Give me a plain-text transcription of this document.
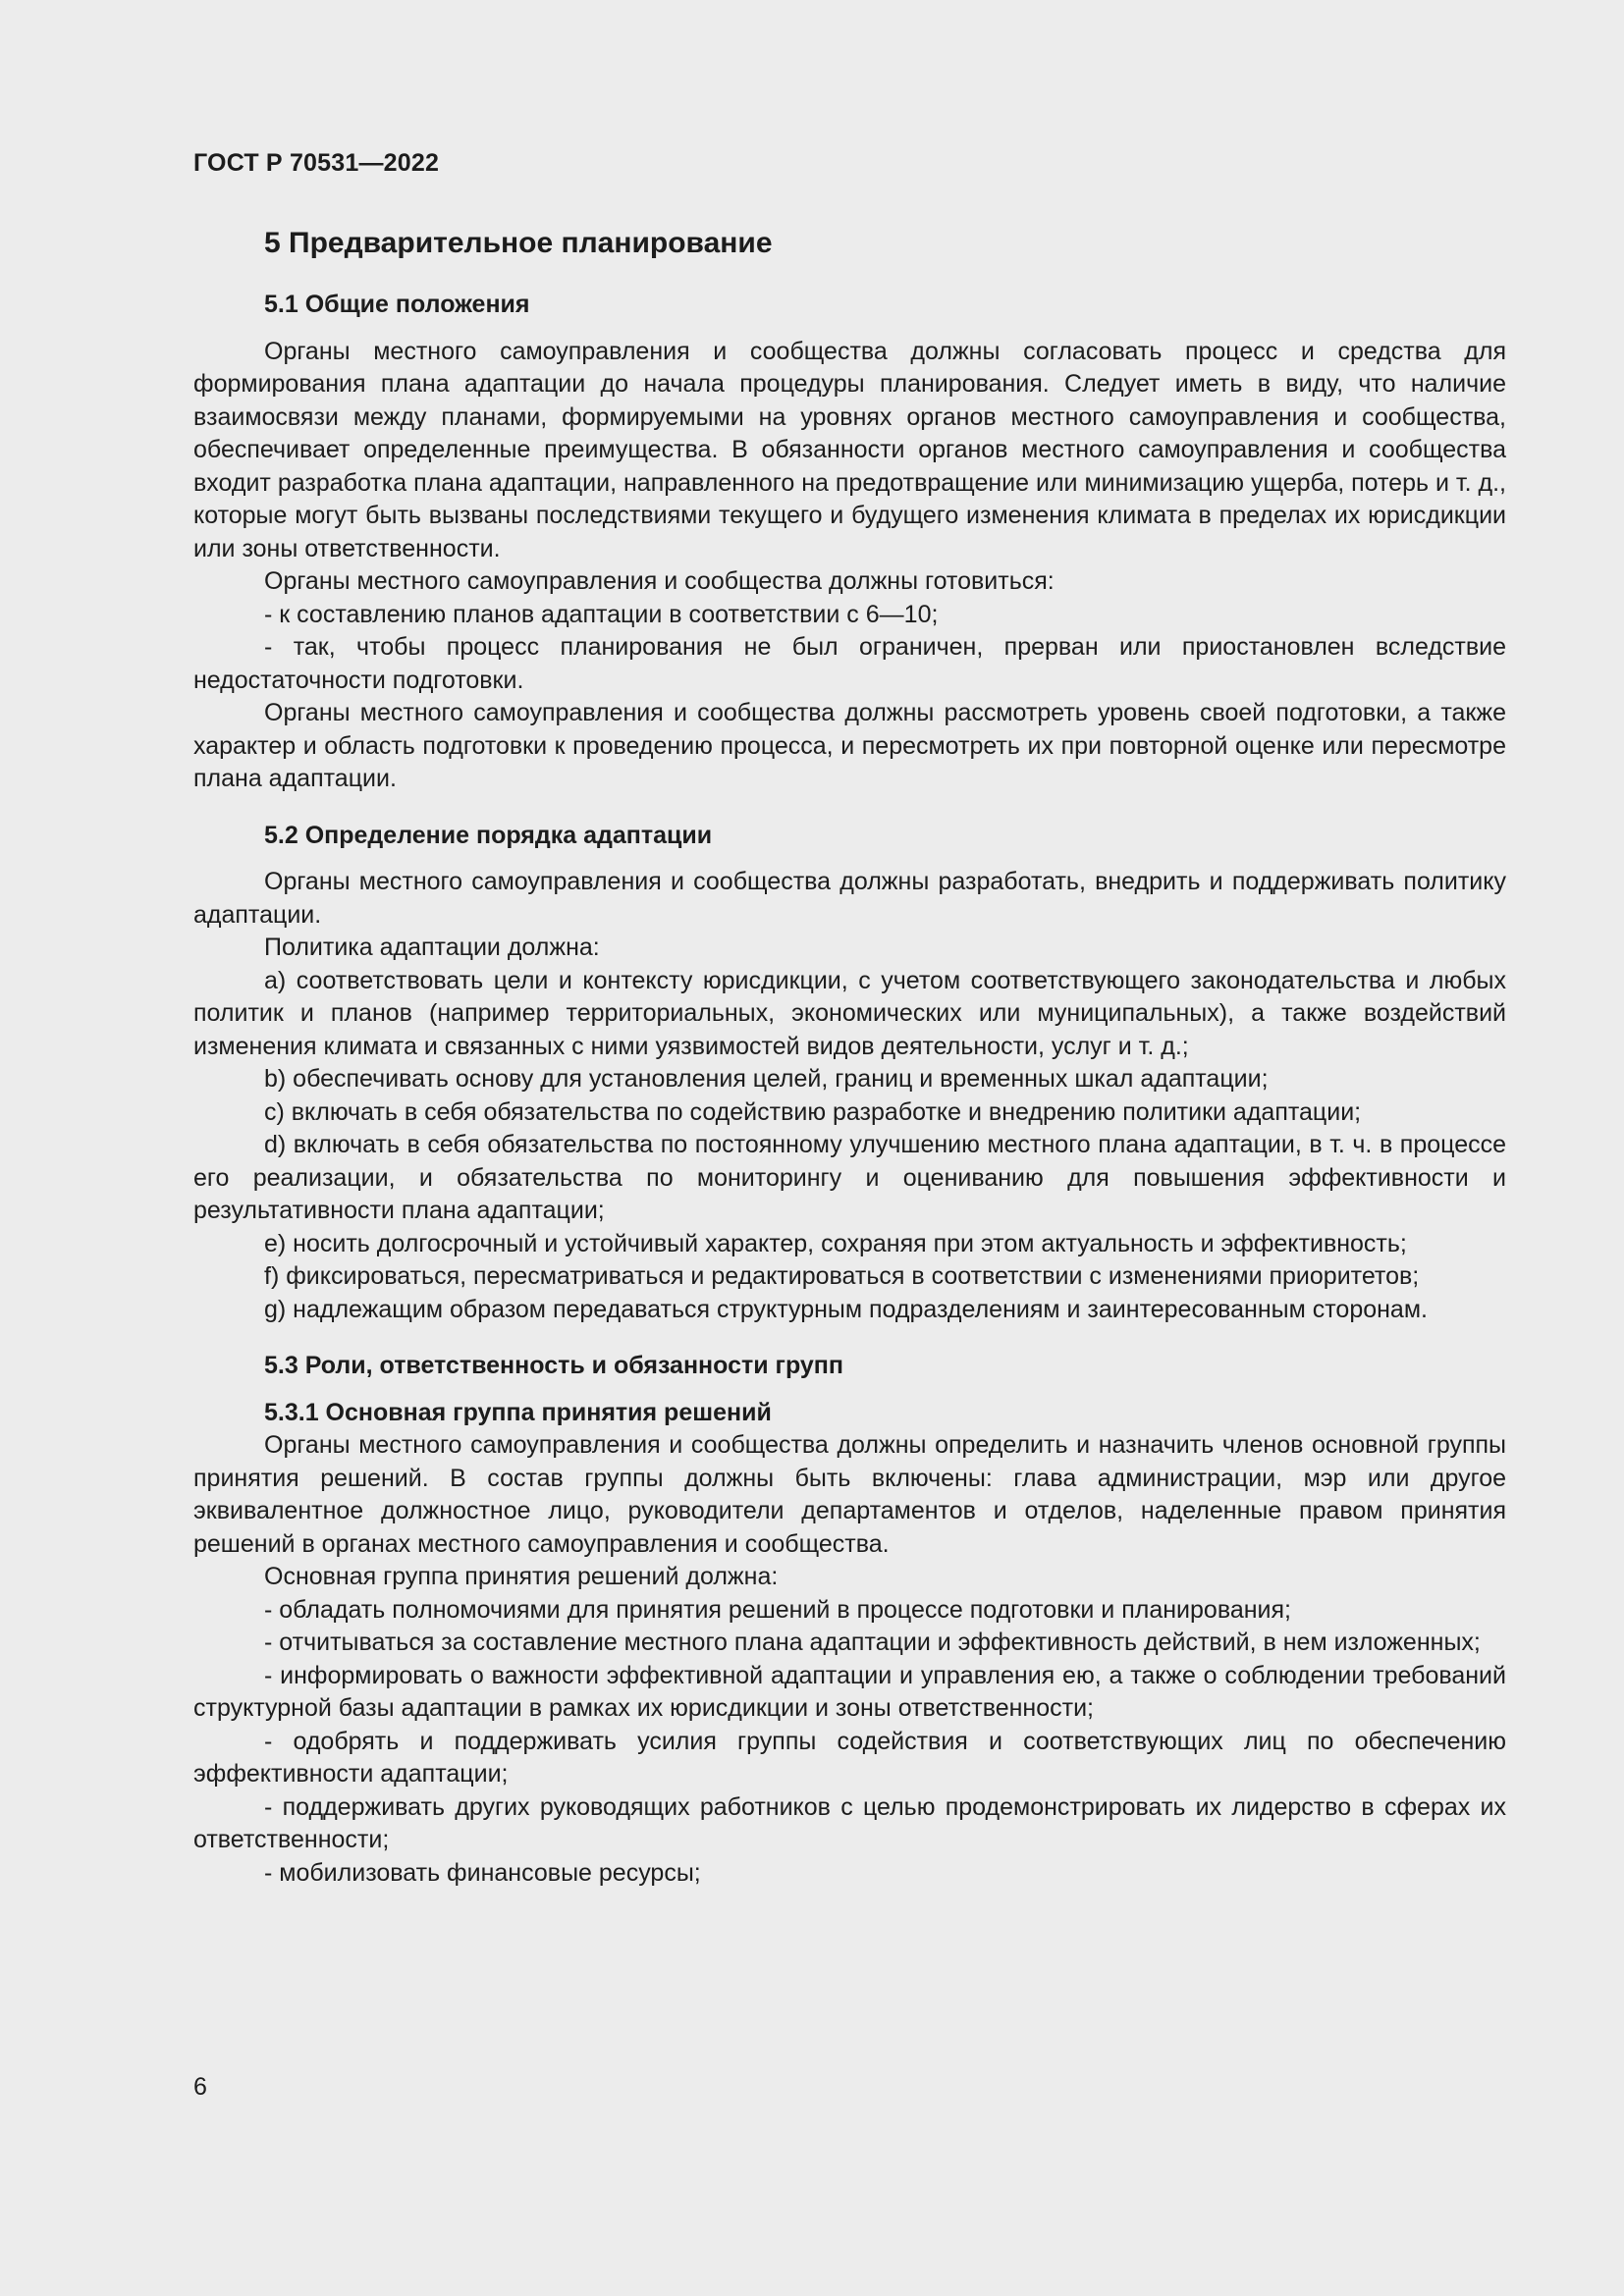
ГОСТ Р 70531—2022
5 Предварительное планирование
5.1 Общие положения

Органы местного самоуправления и сообщества должны согласовать процесс и средства для формирования плана адаптации до начала процедуры планирования. Следует иметь в виду, что наличие взаимосвязи между планами, формируемыми на уровнях органов местного самоуправления и сообщества, обеспечивает определенные преимущества. В обязанности органов местного самоуправления и сообщества входит разработка плана адаптации, направленного на предотвращение или минимизацию ущерба, потерь и т. д., которые могут быть вызваны последствиями текущего и будущего изменения климата в пределах их юрисдикции или зоны ответственности.

Органы местного самоуправления и сообщества должны готовиться:

- к составлению планов адаптации в соответствии с 6—10;

- так, чтобы процесс планирования не был ограничен, прерван или приостановлен вследствие недостаточности подготовки.

Органы местного самоуправления и сообщества должны рассмотреть уровень своей подготовки, а также характер и область подготовки к проведению процесса, и пересмотреть их при повторной оценке или пересмотре плана адаптации.

5.2 Определение порядка адаптации

Органы местного самоуправления и сообщества должны разработать, внедрить и поддерживать политику адаптации.

Политика адаптации должна:

a) соответствовать цели и контексту юрисдикции, с учетом соответствующего законодательства и любых политик и планов (например территориальных, экономических или муниципальных), а также воздействий изменения климата и связанных с ними уязвимостей видов деятельности, услуг и т. д.;

b) обеспечивать основу для установления целей, границ и временных шкал адаптации;

c) включать в себя обязательства по содействию разработке и внедрению политики адаптации;

d) включать в себя обязательства по постоянному улучшению местного плана адаптации, в т. ч. в процессе его реализации, и обязательства по мониторингу и оцениванию для повышения эффективности и результативности плана адаптации;

e) носить долгосрочный и устойчивый характер, сохраняя при этом актуальность и эффективность;

f) фиксироваться, пересматриваться и редактироваться в соответствии с изменениями приоритетов;

g) надлежащим образом передаваться структурным подразделениям и заинтересованным сторонам.

5.3 Роли, ответственность и обязанности групп
5.3.1 Основная группа принятия решений

Органы местного самоуправления и сообщества должны определить и назначить членов основной группы принятия решений. В состав группы должны быть включены: глава администрации, мэр или другое эквивалентное должностное лицо, руководители департаментов и отделов, наделенные правом принятия решений в органах местного самоуправления и сообщества.

Основная группа принятия решений должна:

- обладать полномочиями для принятия решений в процессе подготовки и планирования;

- отчитываться за составление местного плана адаптации и эффективность действий, в нем изложенных;

- информировать о важности эффективной адаптации и управления ею, а также о соблюдении требований структурной базы адаптации в рамках их юрисдикции и зоны ответственности;

- одобрять и поддерживать усилия группы содействия и соответствующих лиц по обеспечению эффективности адаптации;

- поддерживать других руководящих работников с целью продемонстрировать их лидерство в сферах их ответственности;

- мобилизовать финансовые ресурсы;

6
